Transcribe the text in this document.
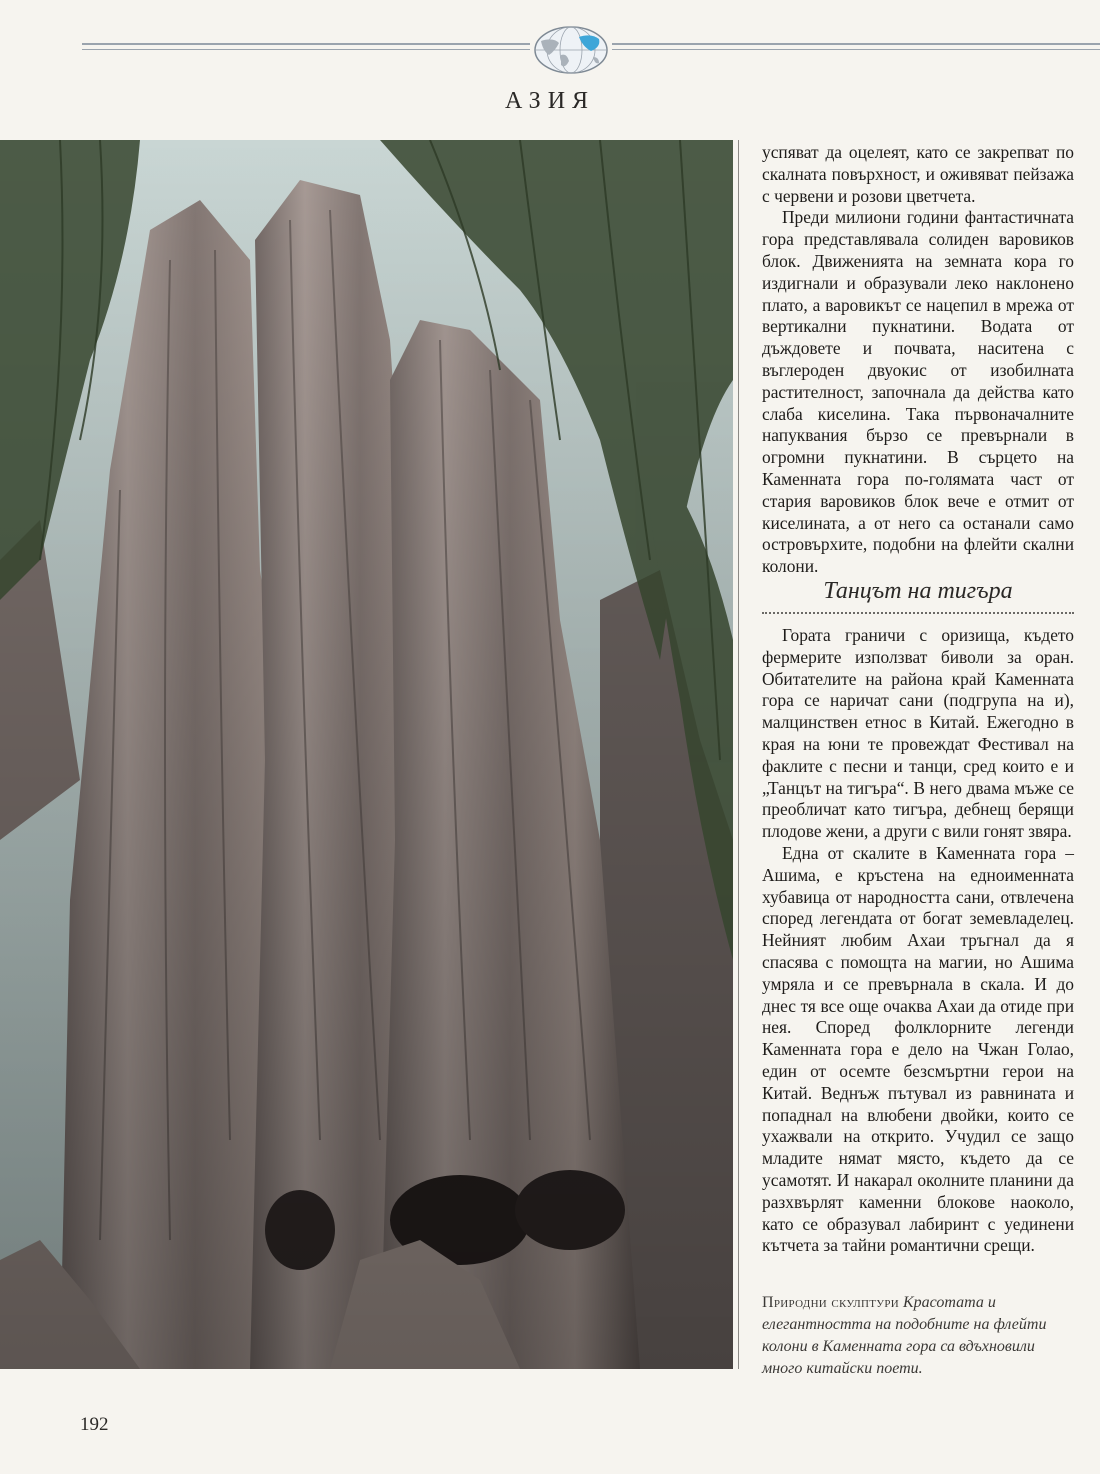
АЗИЯ

успяват да оцелеят, като се закрепват по скалната повърхност, и оживяват пейзажа с червени и розови цветчета.

Преди милиони години фантастичната гора представлявала солиден варовиков блок. Движенията на земната кора го издигнали и образували леко наклонено плато, а варовикът се нацепил в мрежа от вертикални пукнатини. Водата от дъждовете и почвата, наситена с въглероден двуокис от изобилната растителност, започнала да действа като слаба киселина. Така първоначалните напуквания бързо се превърнали в огромни пукнатини. В сърцето на Каменната гора по-голямата част от стария варовиков блок вече е отмит от киселината, а от него са останали само островърхите, подобни на флейти скални колони.

Танцът на тигъра

Гората граничи с оризища, където фермерите използват биволи за оран. Обитателите на района край Каменната гора се наричат сани (подгрупа на и), малцинствен етнос в Китай. Ежегодно в края на юни те провеждат Фестивал на факлите с песни и танци, сред които е и „Танцът на тигъра“. В него двама мъже се преобличат като тигъра, дебнещ берящи плодове жени, а други с вили гонят звяра.

Една от скалите в Каменната гора – Ашима, е кръстена на едноименната хубавица от народността сани, отвлечена според легендата от богат земевладелец. Нейният любим Ахаи тръгнал да я спасява с помощта на магии, но Ашима умряла и се превърнала в скала. И до днес тя все още очаква Ахаи да отиде при нея. Според фолклорните легенди Каменната гора е дело на Чжан Голао, един от осемте безсмъртни герои на Китай. Веднъж пътувал из равнината и попаднал на влюбени двойки, които се ухажвали на открито. Учудил се защо младите нямат място, където да се усамотят. И накарал околните планини да разхвърлят каменни блокове наоколо, като се образувал лабиринт с уединени кътчета за тайни романтични срещи.

Природни скулптури Красотата и елегантността на подобните на флейти колони в Каменната гора са вдъхновили много китайски поети.
192
